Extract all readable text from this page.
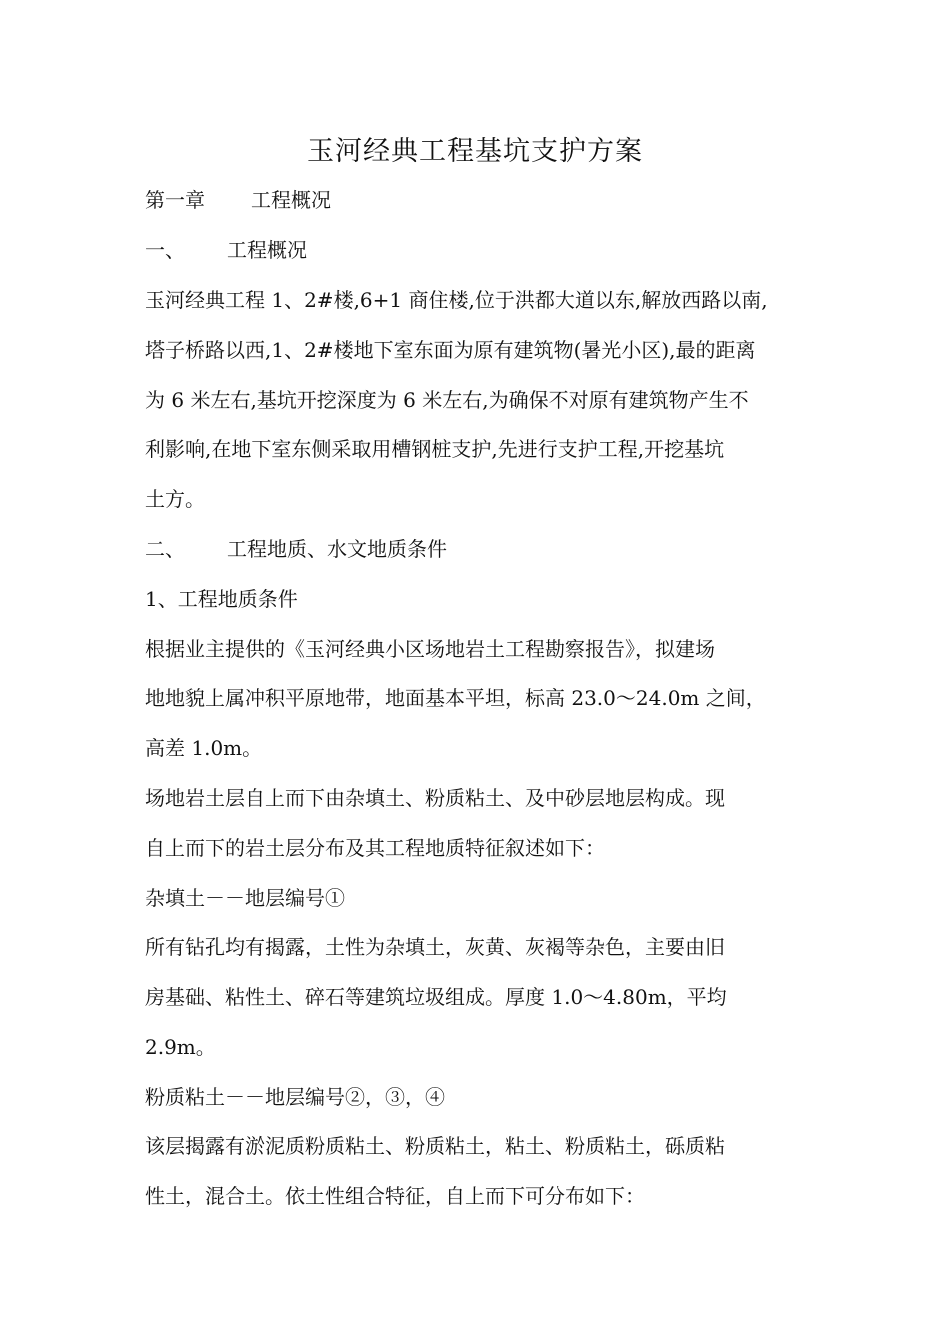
玉河经典工程基坑支护方案
第一章 工程概况
一、 工程概况
玉河经典工程 1、2#楼,6+1 商住楼,位于洪都大道以东,解放西路以南,
塔子桥路以西,1、2#楼地下室东面为原有建筑物(暑光小区),最的距离
为 6 米左右,基坑开挖深度为 6 米左右,为确保不对原有建筑物产生不
利影响,在地下室东侧采取用槽钢桩支护,先进行支护工程,开挖基坑
土方。
二、 工程地质、水文地质条件
1、工程地质条件
根据业主提供的《玉河经典小区场地岩土工程勘察报告》，拟建场
地地貌上属冲积平原地带，地面基本平坦，标高 23.0～24.0m 之间，
高差 1.0m。
场地岩土层自上而下由杂填土、粉质粘土、及中砂层地层构成。现
自上而下的岩土层分布及其工程地质特征叙述如下：
杂填土－－地层编号①
所有钻孔均有揭露，土性为杂填土，灰黄、灰褐等杂色，主要由旧
房基础、粘性土、碎石等建筑垃圾组成。厚度 1.0～4.80m，平均
2.9m。
粉质粘土－－地层编号②，③，④
该层揭露有淤泥质粉质粘土、粉质粘土，粘土、粉质粘土，砾质粘
性土，混合土。依土性组合特征，自上而下可分布如下：
